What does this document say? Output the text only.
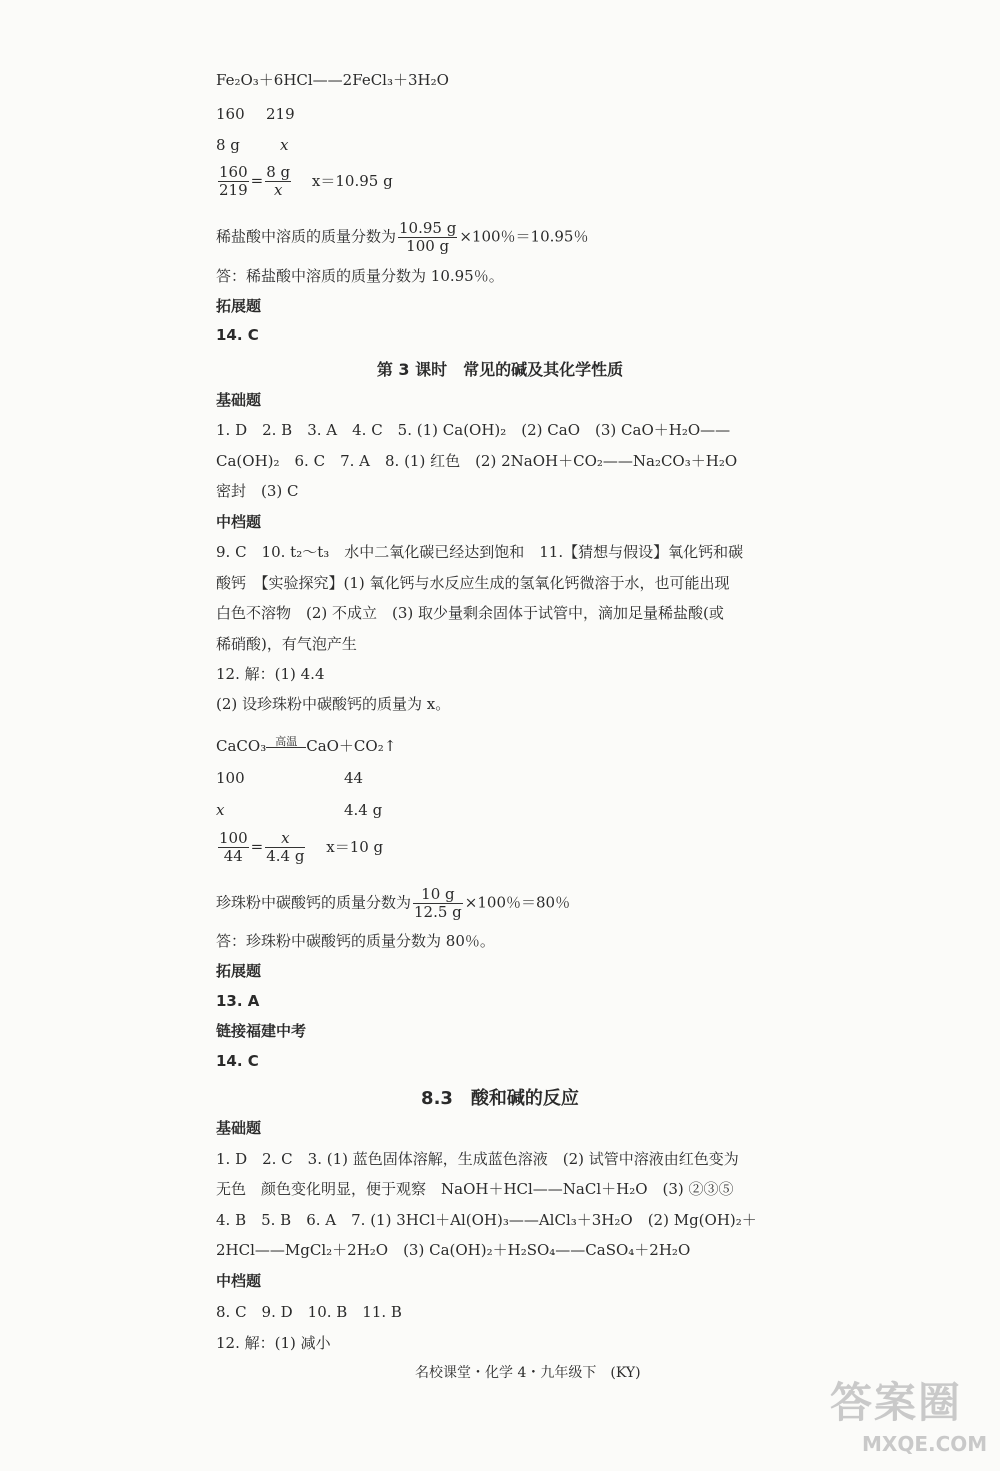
Fe₂O₃＋6HCl——2FeCl₃＋3H₂O
160 219
8 g	x
$\frac{160}{219} = \frac{8 g}{x} x=10.95$ g
稀盐酸中溶质的质量分数为 $\frac{10.95 g}{100 g} \times 100$％＝10.95％
答：稀盐酸中溶质的质量分数为 10.95％。
拓展题
14. C
第 3 课时　常见的碱及其化学性质
基础题
1. D　2. B　3. A　4. C　5. (1) Ca(OH)₂　(2) CaO　(3) CaO＋H₂O——
Ca(OH)₂　6. C　7. A　8. (1) 红色　(2) 2NaOH＋CO₂——Na₂CO₃＋H₂O
密封　(3) C
中档题
9. C　10. t₂～t₃　水中二氧化碳已经达到饱和　11.【猜想与假设】氧化钙和碳
酸钙　【实验探究】(1) 氧化钙与水反应生成的氢氧化钙微溶于水，也可能出现
白色不溶物　(2) 不成立　(3) 取少量剩余固体于试管中，滴加足量稀盐酸(或
稀硝酸)，有气泡产生
12. 解：(1) 4.4
(2) 设珍珠粉中碳酸钙的质量为 x。
CaCO₃ 高温 CaO＋CO₂↑
100	44
x	4.4 g
$\frac{100}{44} = \frac{x}{4.4 g} x=10$ g
珍珠粉中碳酸钙的质量分数为 $\frac{10 g}{12.5 g} \times 100$％＝80％
答：珍珠粉中碳酸钙的质量分数为 80％。
拓展题
13. A
链接福建中考
14. C
8.3　酸和碱的反应
基础题
1. D　2. C　3. (1) 蓝色固体溶解，生成蓝色溶液　(2) 试管中溶液由红色变为
无色　颜色变化明显，便于观察　NaOH＋HCl——NaCl＋H₂O　(3) ②③⑤
4. B　5. B　6. A　7. (1) 3HCl＋Al(OH)₃——AlCl₃＋3H₂O　(2) Mg(OH)₂＋
2HCl——MgCl₂＋2H₂O　(3) Ca(OH)₂＋H₂SO₄——CaSO₄＋2H₂O
中档题
8. C　9. D　10. B　11. B
12. 解：(1) 减小
名校课堂・化学 4・九年级下　(KY)
答案圈
MXQE.COM
